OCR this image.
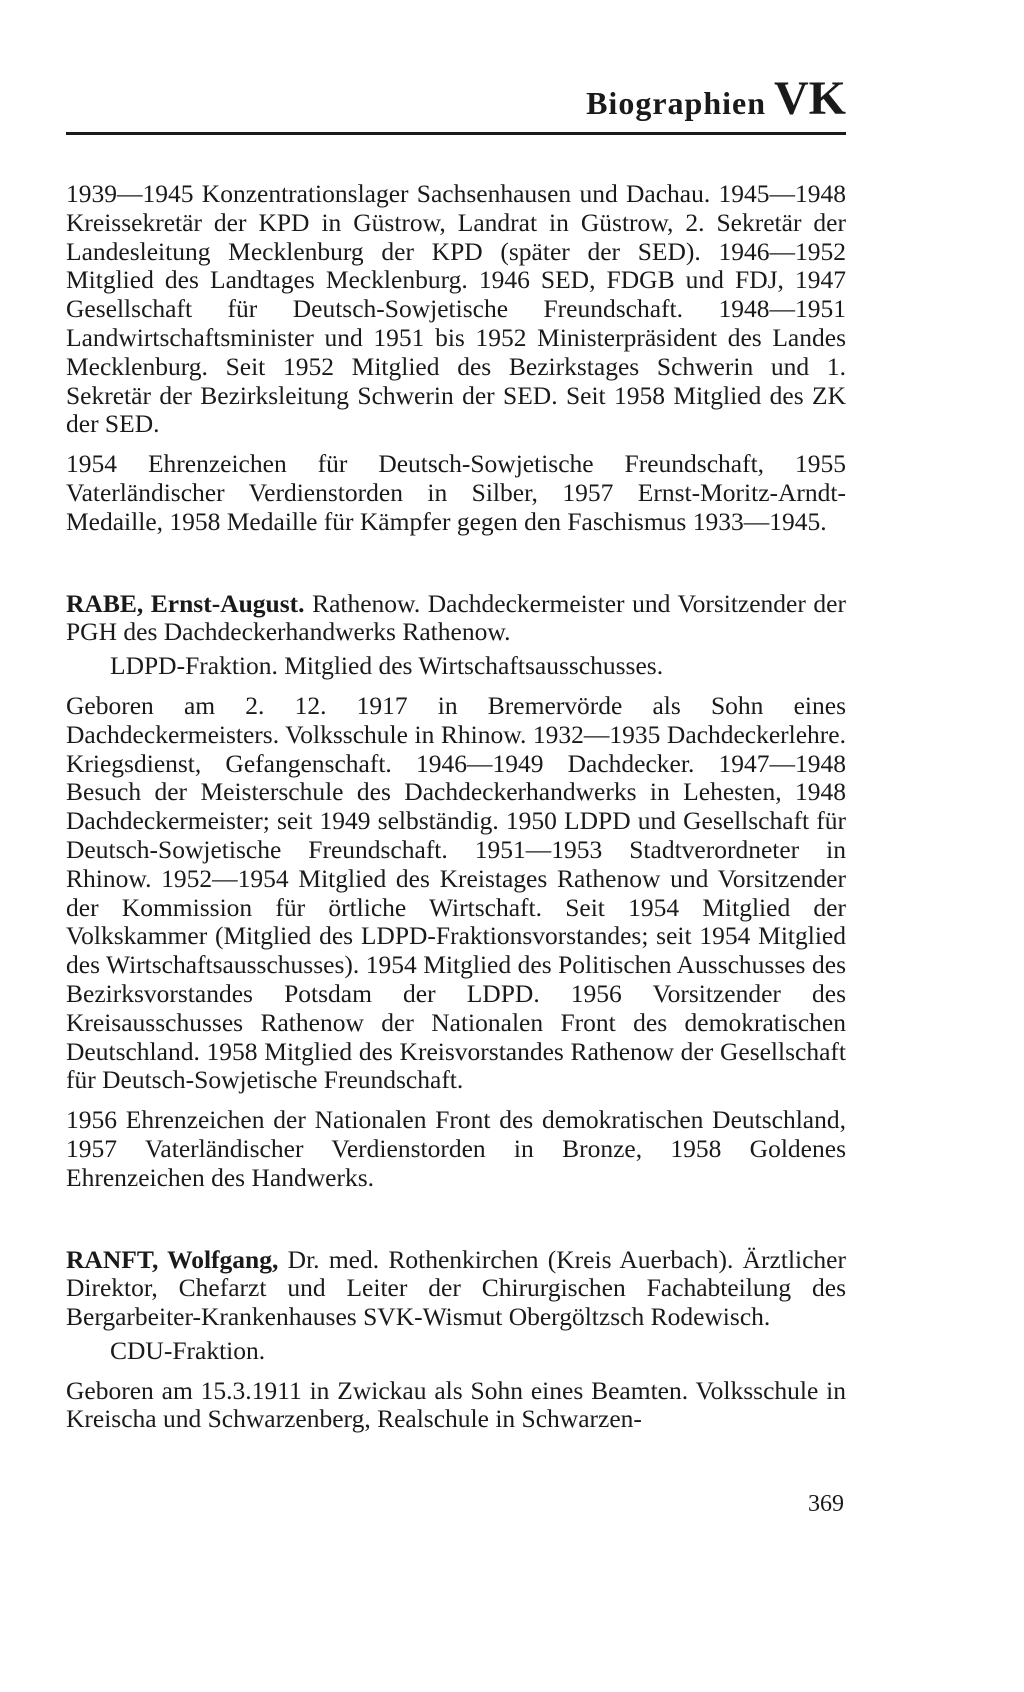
Biographien VK

1939—1945 Konzentrationslager Sachsenhausen und Dachau. 1945—1948 Kreissekretär der KPD in Güstrow, Landrat in Güstrow, 2. Sekretär der Landesleitung Mecklenburg der KPD (später der SED). 1946—1952 Mitglied des Landtages Mecklenburg. 1946 SED, FDGB und FDJ, 1947 Gesellschaft für Deutsch-Sowjetische Freundschaft. 1948—1951 Landwirtschaftsminister und 1951 bis 1952 Ministerpräsident des Landes Mecklenburg. Seit 1952 Mitglied des Bezirkstages Schwerin und 1. Sekretär der Bezirksleitung Schwerin der SED. Seit 1958 Mitglied des ZK der SED.

1954 Ehrenzeichen für Deutsch-Sowjetische Freundschaft, 1955 Vaterländischer Verdienstorden in Silber, 1957 Ernst-Moritz-Arndt-Medaille, 1958 Medaille für Kämpfer gegen den Faschismus 1933—1945.

RABE, Ernst-August. Rathenow. Dachdeckermeister und Vorsitzender der PGH des Dachdeckerhandwerks Rathenow.

LDPD-Fraktion. Mitglied des Wirtschaftsausschusses.

Geboren am 2. 12. 1917 in Bremervörde als Sohn eines Dachdeckermeisters. Volksschule in Rhinow. 1932—1935 Dachdeckerlehre. Kriegsdienst, Gefangenschaft. 1946—1949 Dachdecker. 1947—1948 Besuch der Meisterschule des Dachdeckerhandwerks in Lehesten, 1948 Dachdeckermeister; seit 1949 selbständig. 1950 LDPD und Gesellschaft für Deutsch-Sowjetische Freundschaft. 1951—1953 Stadtverordneter in Rhinow. 1952—1954 Mitglied des Kreistages Rathenow und Vorsitzender der Kommission für örtliche Wirtschaft. Seit 1954 Mitglied der Volkskammer (Mitglied des LDPD-Fraktionsvorstandes; seit 1954 Mitglied des Wirtschaftsausschusses). 1954 Mitglied des Politischen Ausschusses des Bezirksvorstandes Potsdam der LDPD. 1956 Vorsitzender des Kreisausschusses Rathenow der Nationalen Front des demokratischen Deutschland. 1958 Mitglied des Kreisvorstandes Rathenow der Gesellschaft für Deutsch-Sowjetische Freundschaft.

1956 Ehrenzeichen der Nationalen Front des demokratischen Deutschland, 1957 Vaterländischer Verdienstorden in Bronze, 1958 Goldenes Ehrenzeichen des Handwerks.

RANFT, Wolfgang, Dr. med. Rothenkirchen (Kreis Auerbach). Ärztlicher Direktor, Chefarzt und Leiter der Chirurgischen Fachabteilung des Bergarbeiter-Krankenhauses SVK-Wismut Obergöltzsch Rodewisch.

CDU-Fraktion.

Geboren am 15.3.1911 in Zwickau als Sohn eines Beamten. Volksschule in Kreischa und Schwarzenberg, Realschule in Schwarzen-

369
